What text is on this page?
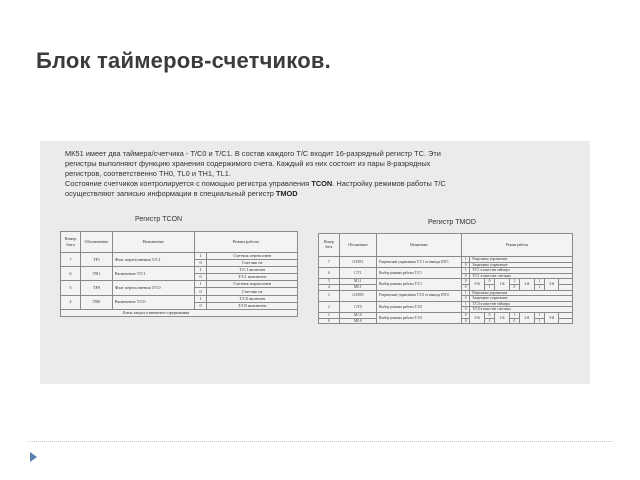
Блок таймеров-счетчиков.

МК51 имеет два таймера/счетчика - T/C0 и T/C1. В состав каждого T/C входит 16-разрядный регистр ТС. Эти

регистры выполняют функцию хранения содержимого счета. Каждый из них состоит из пары 8-разрядных

регистров, соответственно ТН0, TL0 и ТН1, TL1.

Состояние счетчиков контролируется с помощью регистра управления TCON. Настройку режимов работы T/C

осуществляют записью информации в специальный регистр TMOD

Регистр TCON	Регистр TMOD
Номер бита	Обозначение	Назначение	Режим работы	
7	TF1	Флаг переполнения T/C1	1	Счетчик переполнен
			0	Счетчик не
6	TR1	Включение T/C1	1	T/C1 включен
			0	T/C1 выключен
5	TF0	Флаг переполнения T/C0	1	Счетчик переполнен
			0	Счетчик не
4	TR0	Включение T/C0	1	T/C0 включен
			0	T/C0 выключен
Биты запроса внешнего прерывания				
Номер бита	Обозначение	Назначение	Режим работы								
7	GATE1	Разрешение управления T/C1 от вывода INT1	1	Разрешено управление							
			0	Запрещено управление							
6	C/T1	Выбор режима работы T/C1	1	T/C1 в качестве таймера							
			0	T/C1 в качестве счетчика							
5	M1.1	Выбор режима работы T/C1	0	0-й	0	1-й	1	2-й	1	3-й	
4	M0.1		0		1		0		1		
3	GATE0	Разрешение управления T/C0 от вывода INT0	1	Разрешено управление							
			0	Запрещено управление							
2	C/T0	Выбор режима работы T/C0	1	T/C0 в качестве таймера							
			0	T/C0 в качестве счетчика							
1	M1.0	Выбор режима работы T/C0	0	0-й	0	1-й	1	2-й	1	3-й	
0	M0.0		0		1		0		1		
